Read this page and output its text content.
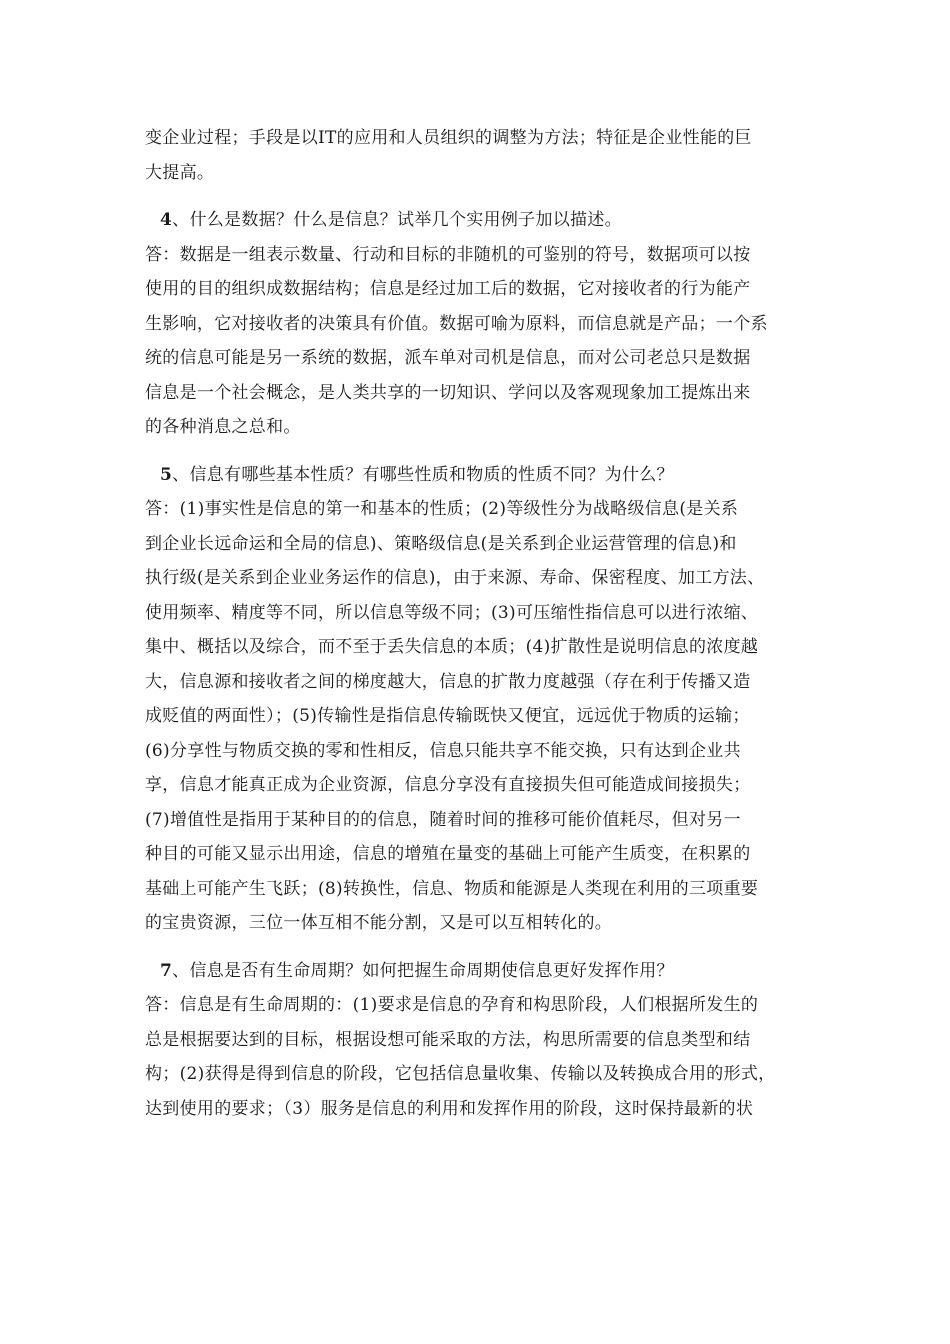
变企业过程；手段是以IT的应用和人员组织的调整为方法；特征是企业性能的巨
大提高。
4、什么是数据？什么是信息？试举几个实用例子加以描述。
答：数据是一组表示数量、行动和目标的非随机的可鉴别的符号，数据项可以按
使用的目的组织成数据结构；信息是经过加工后的数据，它对接收者的行为能产
生影响，它对接收者的决策具有价值。数据可喻为原料，而信息就是产品；一个系
统的信息可能是另一系统的数据，派车单对司机是信息，而对公司老总只是数据
信息是一个社会概念，是人类共享的一切知识、学问以及客观现象加工提炼出来
的各种消息之总和。
5、信息有哪些基本性质？有哪些性质和物质的性质不同？为什么？
答：(1)事实性是信息的第一和基本的性质；(2)等级性分为战略级信息(是关系
到企业长远命运和全局的信息)、策略级信息(是关系到企业运营管理的信息)和
执行级(是关系到企业业务运作的信息)，由于来源、寿命、保密程度、加工方法、
使用频率、精度等不同，所以信息等级不同；(3)可压缩性指信息可以进行浓缩、
集中、概括以及综合，而不至于丢失信息的本质；(4)扩散性是说明信息的浓度越
大，信息源和接收者之间的梯度越大，信息的扩散力度越强（存在利于传播又造
成贬值的两面性）；(5)传输性是指信息传输既快又便宜，远远优于物质的运输；
(6)分享性与物质交换的零和性相反，信息只能共享不能交换，只有达到企业共
享，信息才能真正成为企业资源，信息分享没有直接损失但可能造成间接损失；
(7)增值性是指用于某种目的的信息，随着时间的推移可能价值耗尽，但对另一
种目的可能又显示出用途，信息的增殖在量变的基础上可能产生质变，在积累的
基础上可能产生飞跃；(8)转换性，信息、物质和能源是人类现在利用的三项重要
的宝贵资源，三位一体互相不能分割，又是可以互相转化的。
7、信息是否有生命周期？如何把握生命周期使信息更好发挥作用？
答：信息是有生命周期的：(1)要求是信息的孕育和构思阶段，人们根据所发生的
总是根据要达到的目标，根据设想可能采取的方法，构思所需要的信息类型和结
构；(2)获得是得到信息的阶段，它包括信息量收集、传输以及转换成合用的形式，
达到使用的要求；（3）服务是信息的利用和发挥作用的阶段，这时保持最新的状
